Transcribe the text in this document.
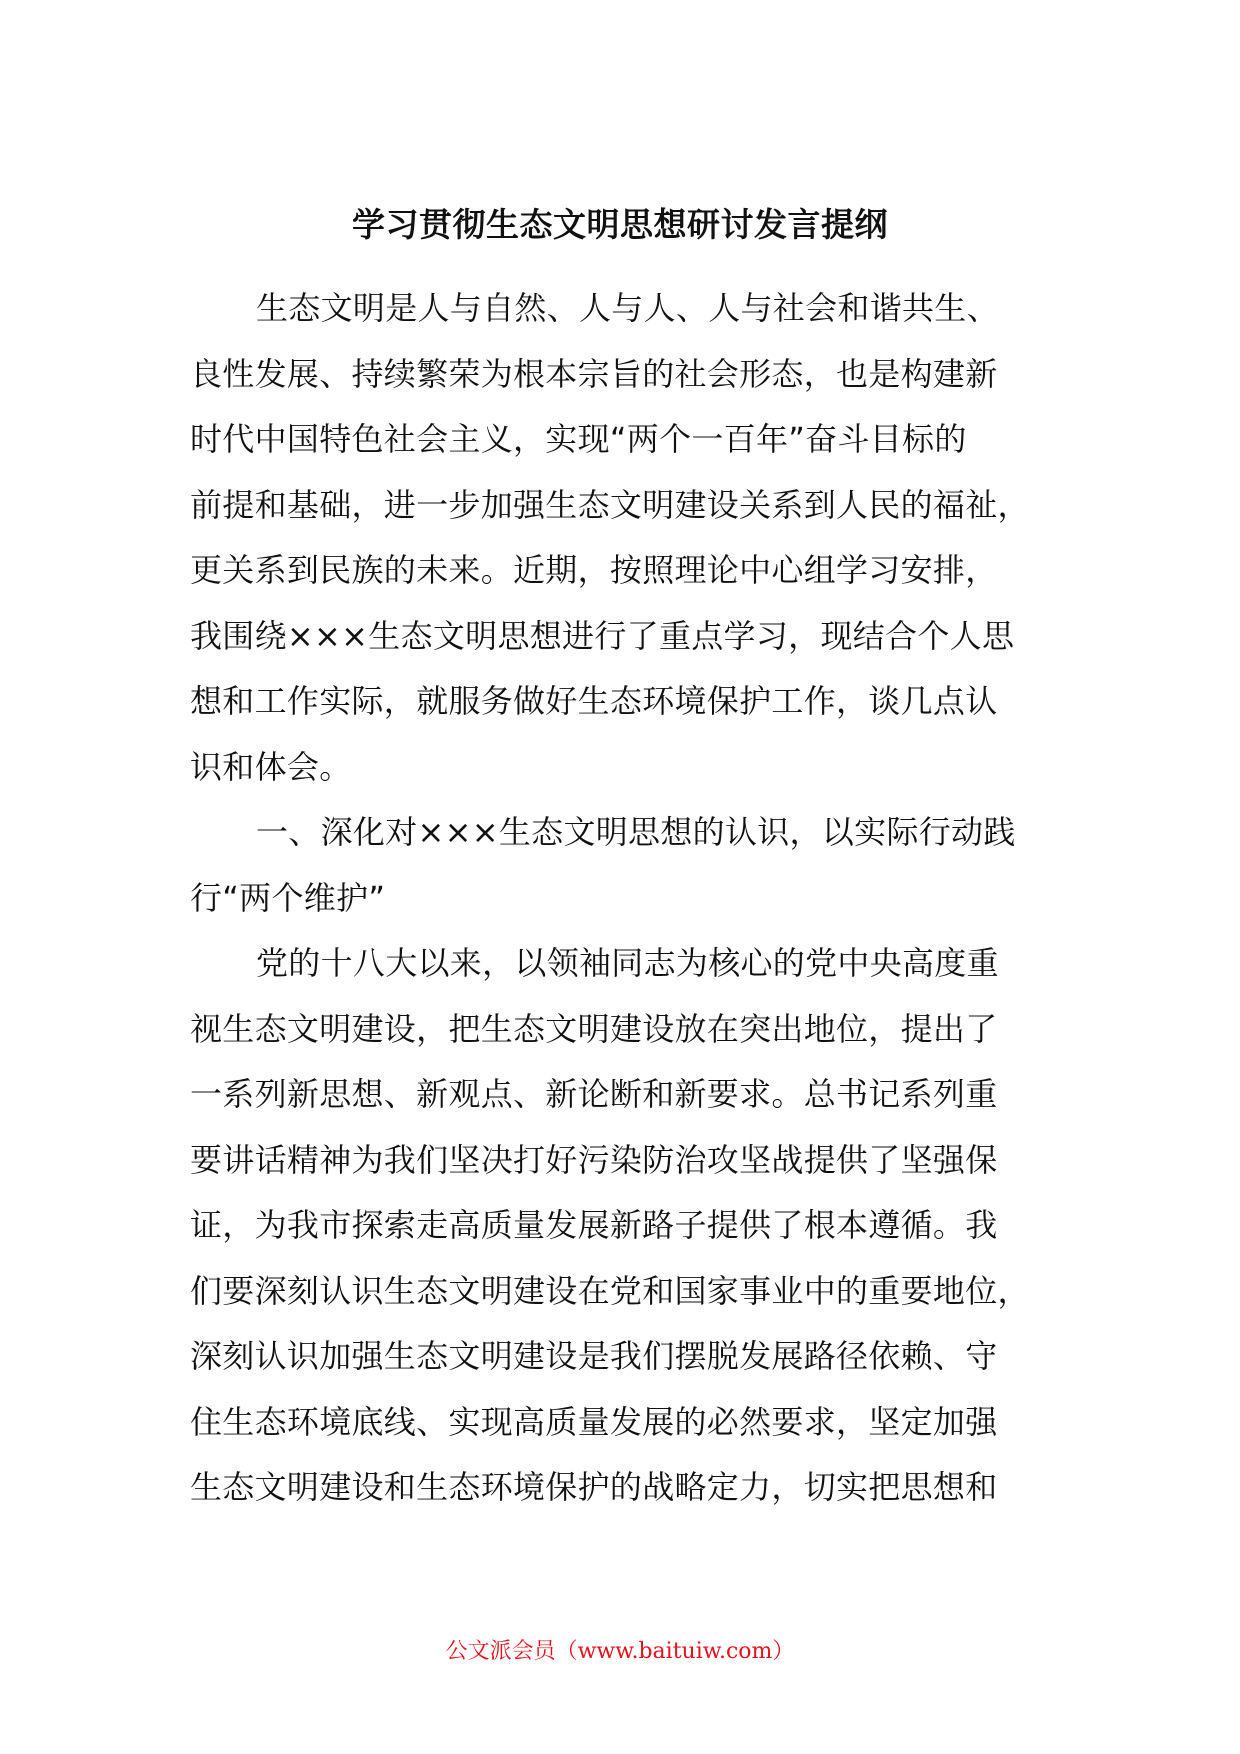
学习贯彻生态文明思想研讨发言提纲
生态文明是人与自然、人与人、人与社会和谐共生、
良性发展、持续繁荣为根本宗旨的社会形态，也是构建新
时代中国特色社会主义，实现“两个一百年”奋斗目标的
前提和基础，进一步加强生态文明建设关系到人民的福祉，
更关系到民族的未来。近期，按照理论中心组学习安排，
我围绕×××生态文明思想进行了重点学习，现结合个人思
想和工作实际，就服务做好生态环境保护工作，谈几点认
识和体会。
一、深化对×××生态文明思想的认识，以实际行动践
行“两个维护”
党的十八大以来，以领袖同志为核心的党中央高度重
视生态文明建设，把生态文明建设放在突出地位，提出了
一系列新思想、新观点、新论断和新要求。总书记系列重
要讲话精神为我们坚决打好污染防治攻坚战提供了坚强保
证，为我市探索走高质量发展新路子提供了根本遵循。我
们要深刻认识生态文明建设在党和国家事业中的重要地位，
深刻认识加强生态文明建设是我们摆脱发展路径依赖、守
住生态环境底线、实现高质量发展的必然要求，坚定加强
生态文明建设和生态环境保护的战略定力，切实把思想和
公文派会员（www.baituiw.com）
